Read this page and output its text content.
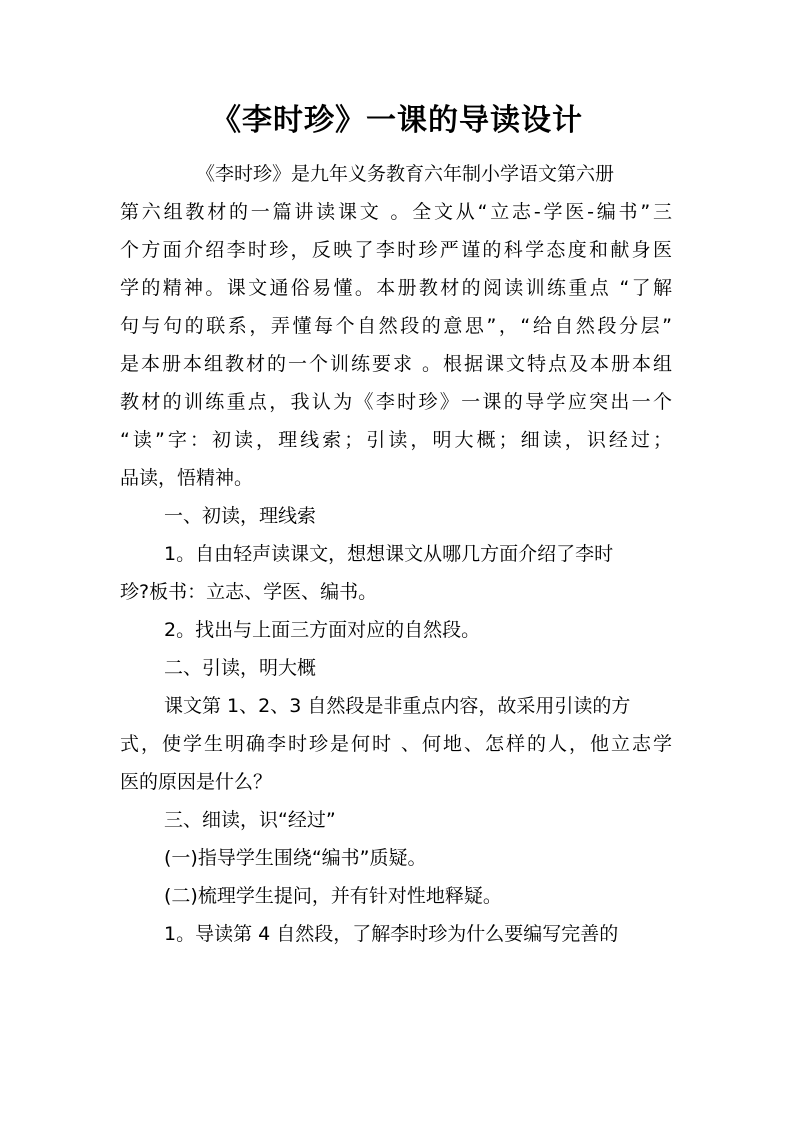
《李时珍》一课的导读设计

《李时珍》是九年义务教育六年制小学语文第六册

第六组教材的一篇讲读课文 。全文从“立志-学医-编书”三

个方面介绍李时珍，反映了李时珍严谨的科学态度和献身医

学的精神。课文通俗易懂。本册教材的阅读训练重点 “了解

句与句的联系，弄懂每个自然段的意思”，“给自然段分层”

是本册本组教材的一个训练要求 。根据课文特点及本册本组

教材的训练重点，我认为《李时珍》一课的导学应突出一个

“读”字：初读，理线索；引读，明大概；细读，识经过；

品读，悟精神。

一、初读，理线索

1。自由轻声读课文，想想课文从哪几方面介绍了李时

珍?板书：立志、学医、编书。

2。找出与上面三方面对应的自然段。

二、引读，明大概

课文第 1、2、3 自然段是非重点内容，故采用引读的方

式，使学生明确李时珍是何时 、何地、怎样的人，他立志学

医的原因是什么？

三、细读，识“经过”

(一)指导学生围绕“编书”质疑。

(二)梳理学生提问，并有针对性地释疑。

1。导读第 4 自然段，了解李时珍为什么要编写完善的
